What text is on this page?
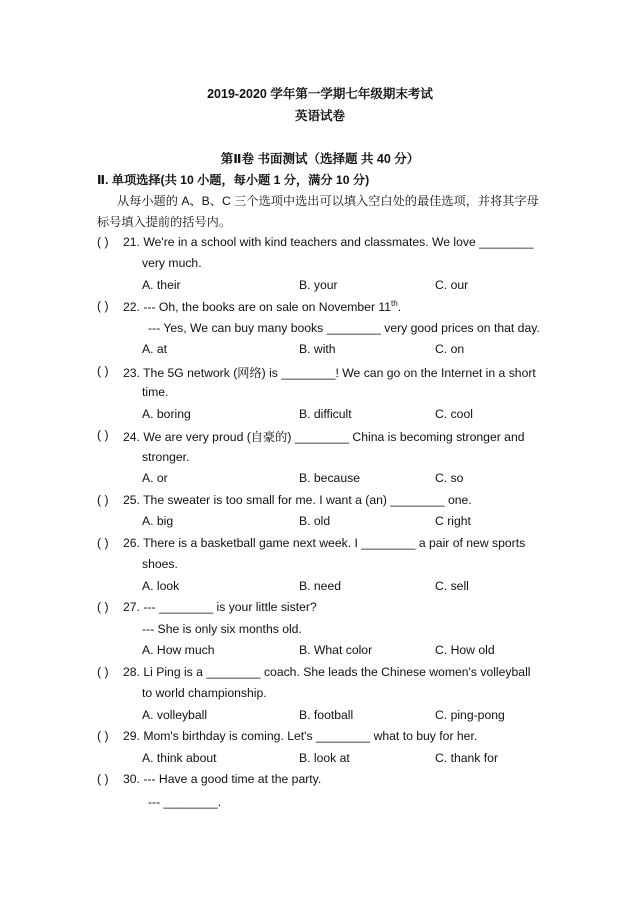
2019-2020 学年第一学期七年级期末考试
英语试卷
第Ⅱ卷 书面测试（选择题 共 40 分）
Ⅱ. 单项选择(共 10 小题，每小题 1 分，满分 10 分)
从每小题的 A、B、C 三个选项中选出可以填入空白处的最佳选项，并将其字母
标号填入提前的括号内。
( ) 21. We're in a school with kind teachers and classmates. We love ________
very much.
A. their	B. your	C. our
( ) 22. --- Oh, the books are on sale on November 11th.
--- Yes, We can buy many books ________ very good prices on that day.
A. at	B. with	C. on
( ) 23. The 5G network (网络) is ________! We can go on the Internet in a short
time.
A. boring	B. difficult	C. cool
( ) 24. We are very proud (自豪的) ________ China is becoming stronger and
stronger.
A. or	B. because	C. so
( ) 25. The sweater is too small for me. I want a (an) ________ one.
A. big	B. old	C right
( ) 26. There is a basketball game next week. I ________ a pair of new sports
shoes.
A. look	B. need	C. sell
( ) 27. --- ________ is your little sister?
--- She is only six months old.
A. How much	B. What color	C. How old
( ) 28. Li Ping is a ________ coach. She leads the Chinese women's volleyball
to world championship.
A. volleyball	B. football	C. ping-pong
( ) 29. Mom's birthday is coming. Let's ________ what to buy for her.
A. think about	B. look at	C. thank for
( ) 30. --- Have a good time at the party.
--- ________.
